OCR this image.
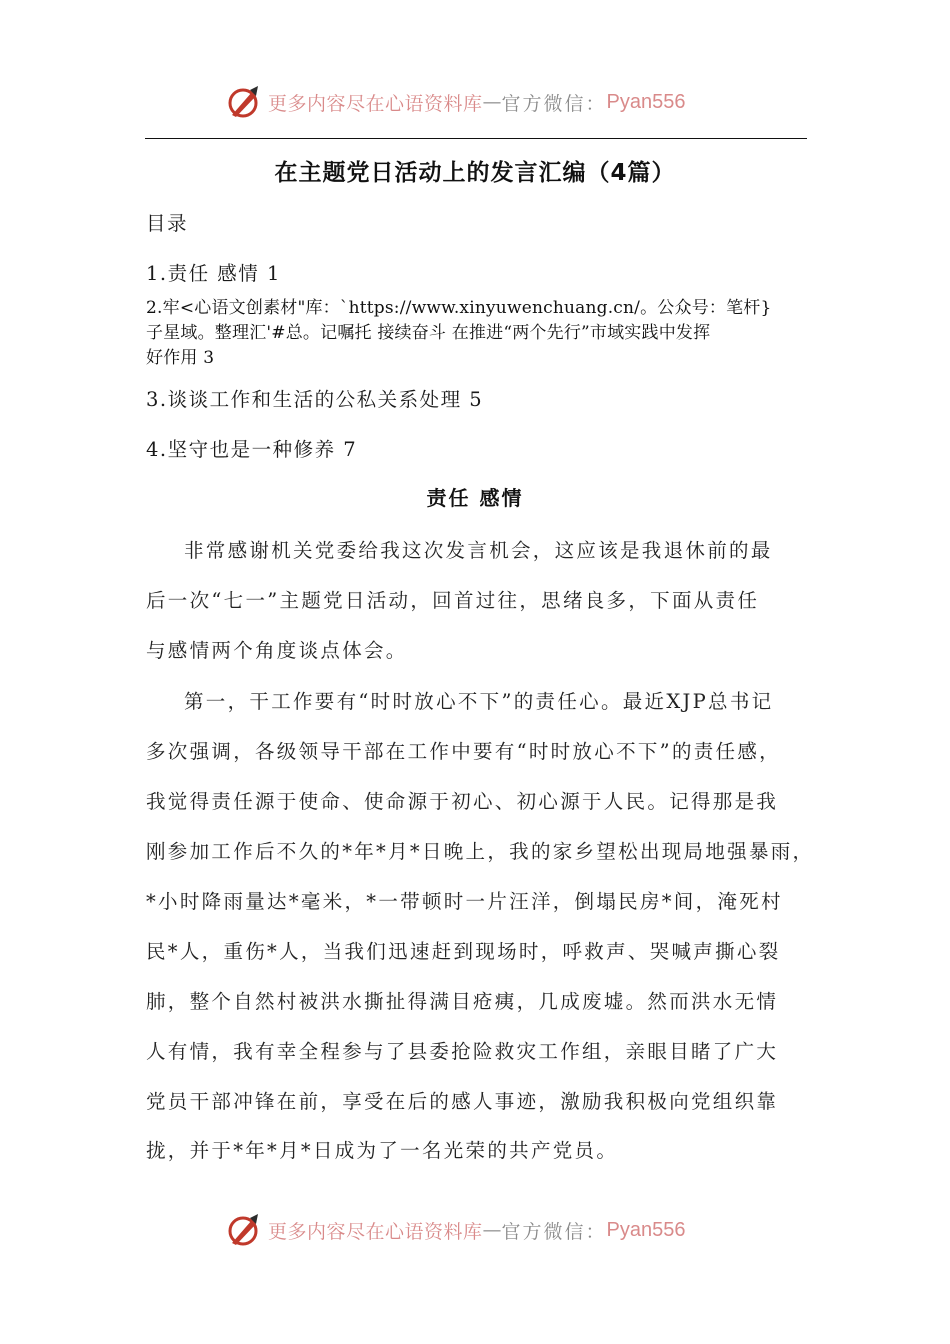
更多内容尽在心语资料库 — 官方微信： Pyan556
在主题党日活动上的发言汇编（4篇）
目录
1.责任 感情 1
2.牢<心语文创素材"库：`https://www.xinyuwenchuang.cn/。公众号：笔杆}
子星域。整理汇'#总。记嘱托 接续奋斗 在推进“两个先行”市域实践中发挥
好作用 3
3.谈谈工作和生活的公私关系处理 5
4.坚守也是一种修养 7
责任 感情
非常感谢机关党委给我这次发言机会，这应该是我退休前的最
后一次“七一”主题党日活动，回首过往，思绪良多，下面从责任
与感情两个角度谈点体会。
第一，干工作要有“时时放心不下”的责任心。最近XJP总书记
多次强调，各级领导干部在工作中要有“时时放心不下”的责任感，
我觉得责任源于使命、使命源于初心、初心源于人民。记得那是我
刚参加工作后不久的*年*月*日晚上，我的家乡望松出现局地强暴雨，
*小时降雨量达*毫米，*一带顿时一片汪洋，倒塌民房*间，淹死村
民*人，重伤*人，当我们迅速赶到现场时，呼救声、哭喊声撕心裂
肺，整个自然村被洪水撕扯得满目疮痍，几成废墟。然而洪水无情
人有情，我有幸全程参与了县委抢险救灾工作组，亲眼目睹了广大
党员干部冲锋在前，享受在后的感人事迹，激励我积极向党组织靠
拢，并于*年*月*日成为了一名光荣的共产党员。
更多内容尽在心语资料库 — 官方微信： Pyan556
